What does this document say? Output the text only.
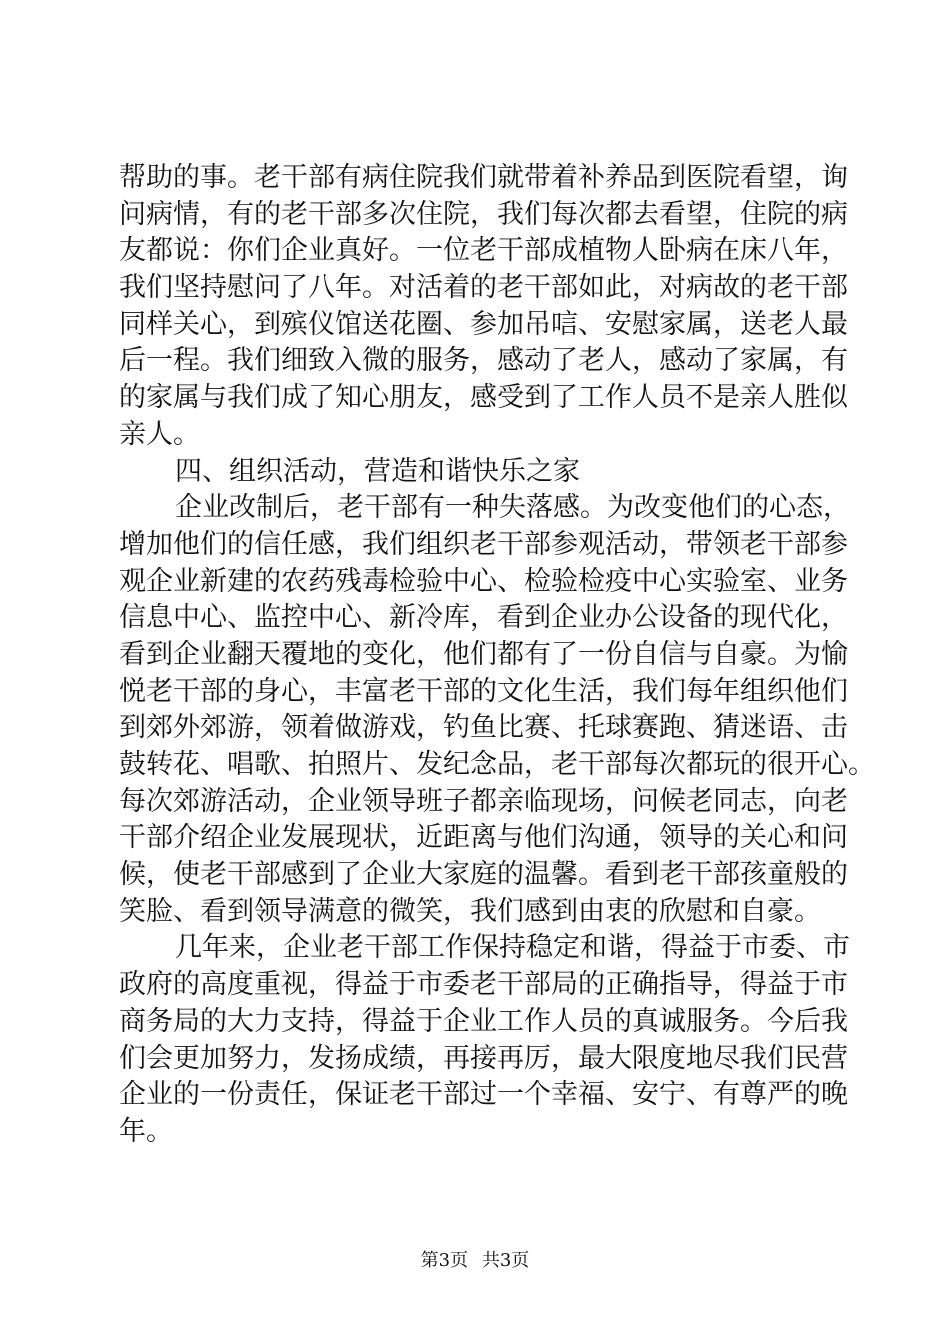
帮助的事。老干部有病住院我们就带着补养品到医院看望，询
问病情，有的老干部多次住院，我们每次都去看望，住院的病
友都说：你们企业真好。一位老干部成植物人卧病在床八年，
我们坚持慰问了八年。对活着的老干部如此，对病故的老干部
同样关心，到殡仪馆送花圈、参加吊唁、安慰家属，送老人最
后一程。我们细致入微的服务，感动了老人，感动了家属，有
的家属与我们成了知心朋友，感受到了工作人员不是亲人胜似
亲人。
四、组织活动，营造和谐快乐之家
企业改制后，老干部有一种失落感。为改变他们的心态，
增加他们的信任感，我们组织老干部参观活动，带领老干部参
观企业新建的农药残毒检验中心、检验检疫中心实验室、业务
信息中心、监控中心、新冷库，看到企业办公设备的现代化，
看到企业翻天覆地的变化，他们都有了一份自信与自豪。为愉
悦老干部的身心，丰富老干部的文化生活，我们每年组织他们
到郊外郊游，领着做游戏，钓鱼比赛、托球赛跑、猜迷语、击
鼓转花、唱歌、拍照片、发纪念品，老干部每次都玩的很开心。
每次郊游活动，企业领导班子都亲临现场，问候老同志，向老
干部介绍企业发展现状，近距离与他们沟通，领导的关心和问
候，使老干部感到了企业大家庭的温馨。看到老干部孩童般的
笑脸、看到领导满意的微笑，我们感到由衷的欣慰和自豪。
几年来，企业老干部工作保持稳定和谐，得益于市委、市
政府的高度重视，得益于市委老干部局的正确指导，得益于市
商务局的大力支持，得益于企业工作人员的真诚服务。今后我
们会更加努力，发扬成绩，再接再厉，最大限度地尽我们民营
企业的一份责任，保证老干部过一个幸福、安宁、有尊严的晚
年。
第3页 共3页
